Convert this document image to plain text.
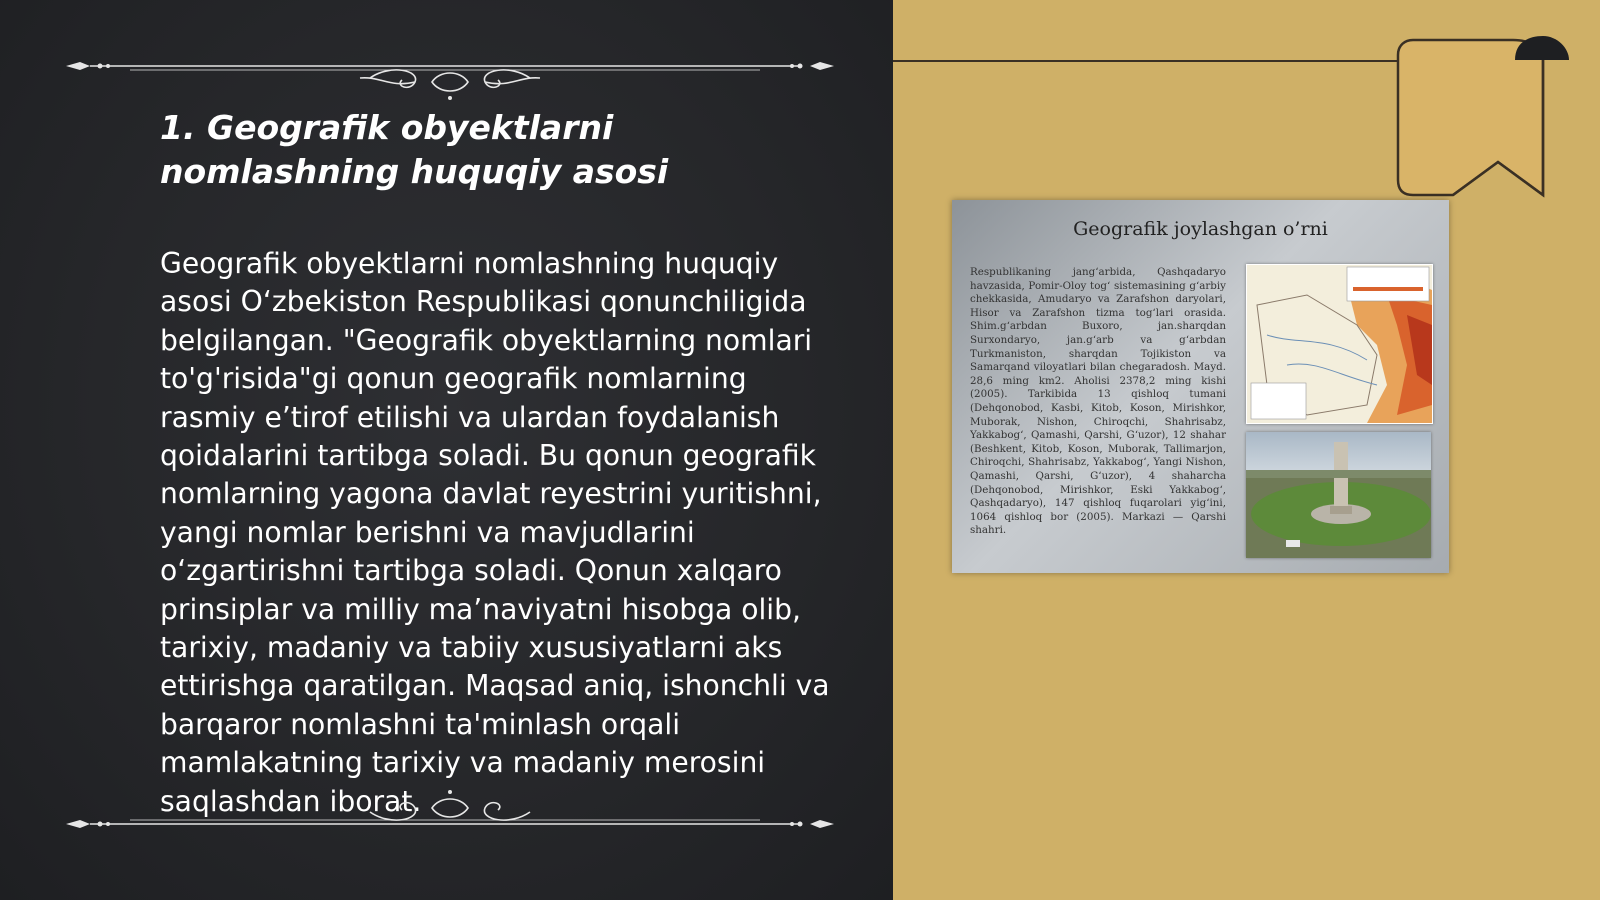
1. Geografik obyektlarni nomlashning huquqiy asosi

Geografik obyektlarni nomlashning huquqiy asosi O‘zbekiston Respublikasi qonunchiligida belgilangan. "Geografik obyektlarning nomlari to'g'risida"gi qonun geografik nomlarning rasmiy e’tirof etilishi va ulardan foydalanish qoidalarini tartibga soladi. Bu qonun geografik nomlarning yagona davlat reyestrini yuritishni, yangi nomlar berishni va mavjudlarini o‘zgartirishni tartibga soladi. Qonun xalqaro prinsiplar va milliy ma’naviyatni hisobga olib, tarixiy, madaniy va tabiiy xususiyatlarni aks ettirishga qaratilgan. Maqsad aniq, ishonchli va barqaror nomlashni ta'minlash orqali mamlakatning tarixiy va madaniy merosini saqlashdan iborat.

Geografik joylashgan o’rni
Respublikaning jang‘arbida, Qashqadaryo havzasida, Pomir-Oloy tog‘ sistemasining g‘arbiy chekkasida, Amudaryo va Zarafshon daryolari, Hisor va Zarafshon tizma tog‘lari orasida. Shim.g‘arbdan Buxoro, jan.sharqdan Surxondaryo, jan.g‘arb va g‘arbdan Turkmaniston, sharqdan Tojikiston va Samarqand viloyatlari bilan chegaradosh. Mayd. 28,6 ming km2. Aholisi 2378,2 ming kishi (2005). Tarkibida 13 qishloq tumani (Dehqonobod, Kasbi, Kitob, Koson, Mirishkor, Muborak, Nishon, Chiroqchi, Shahrisabz, Yakkabog‘, Qamashi, Qarshi, G‘uzor), 12 shahar (Beshkent, Kitob, Koson, Muborak, Tallimarjon, Chiroqchi, Shahrisabz, Yakkabog‘, Yangi Nishon, Qamashi, Qarshi, G‘uzor), 4 shaharcha (Dehqonobod, Mirishkor, Eski Yakkabog‘, Qashqadaryo), 147 qishloq fuqarolari yig‘ini, 1064 qishloq bor (2005). Markazi — Qarshi shahri.
